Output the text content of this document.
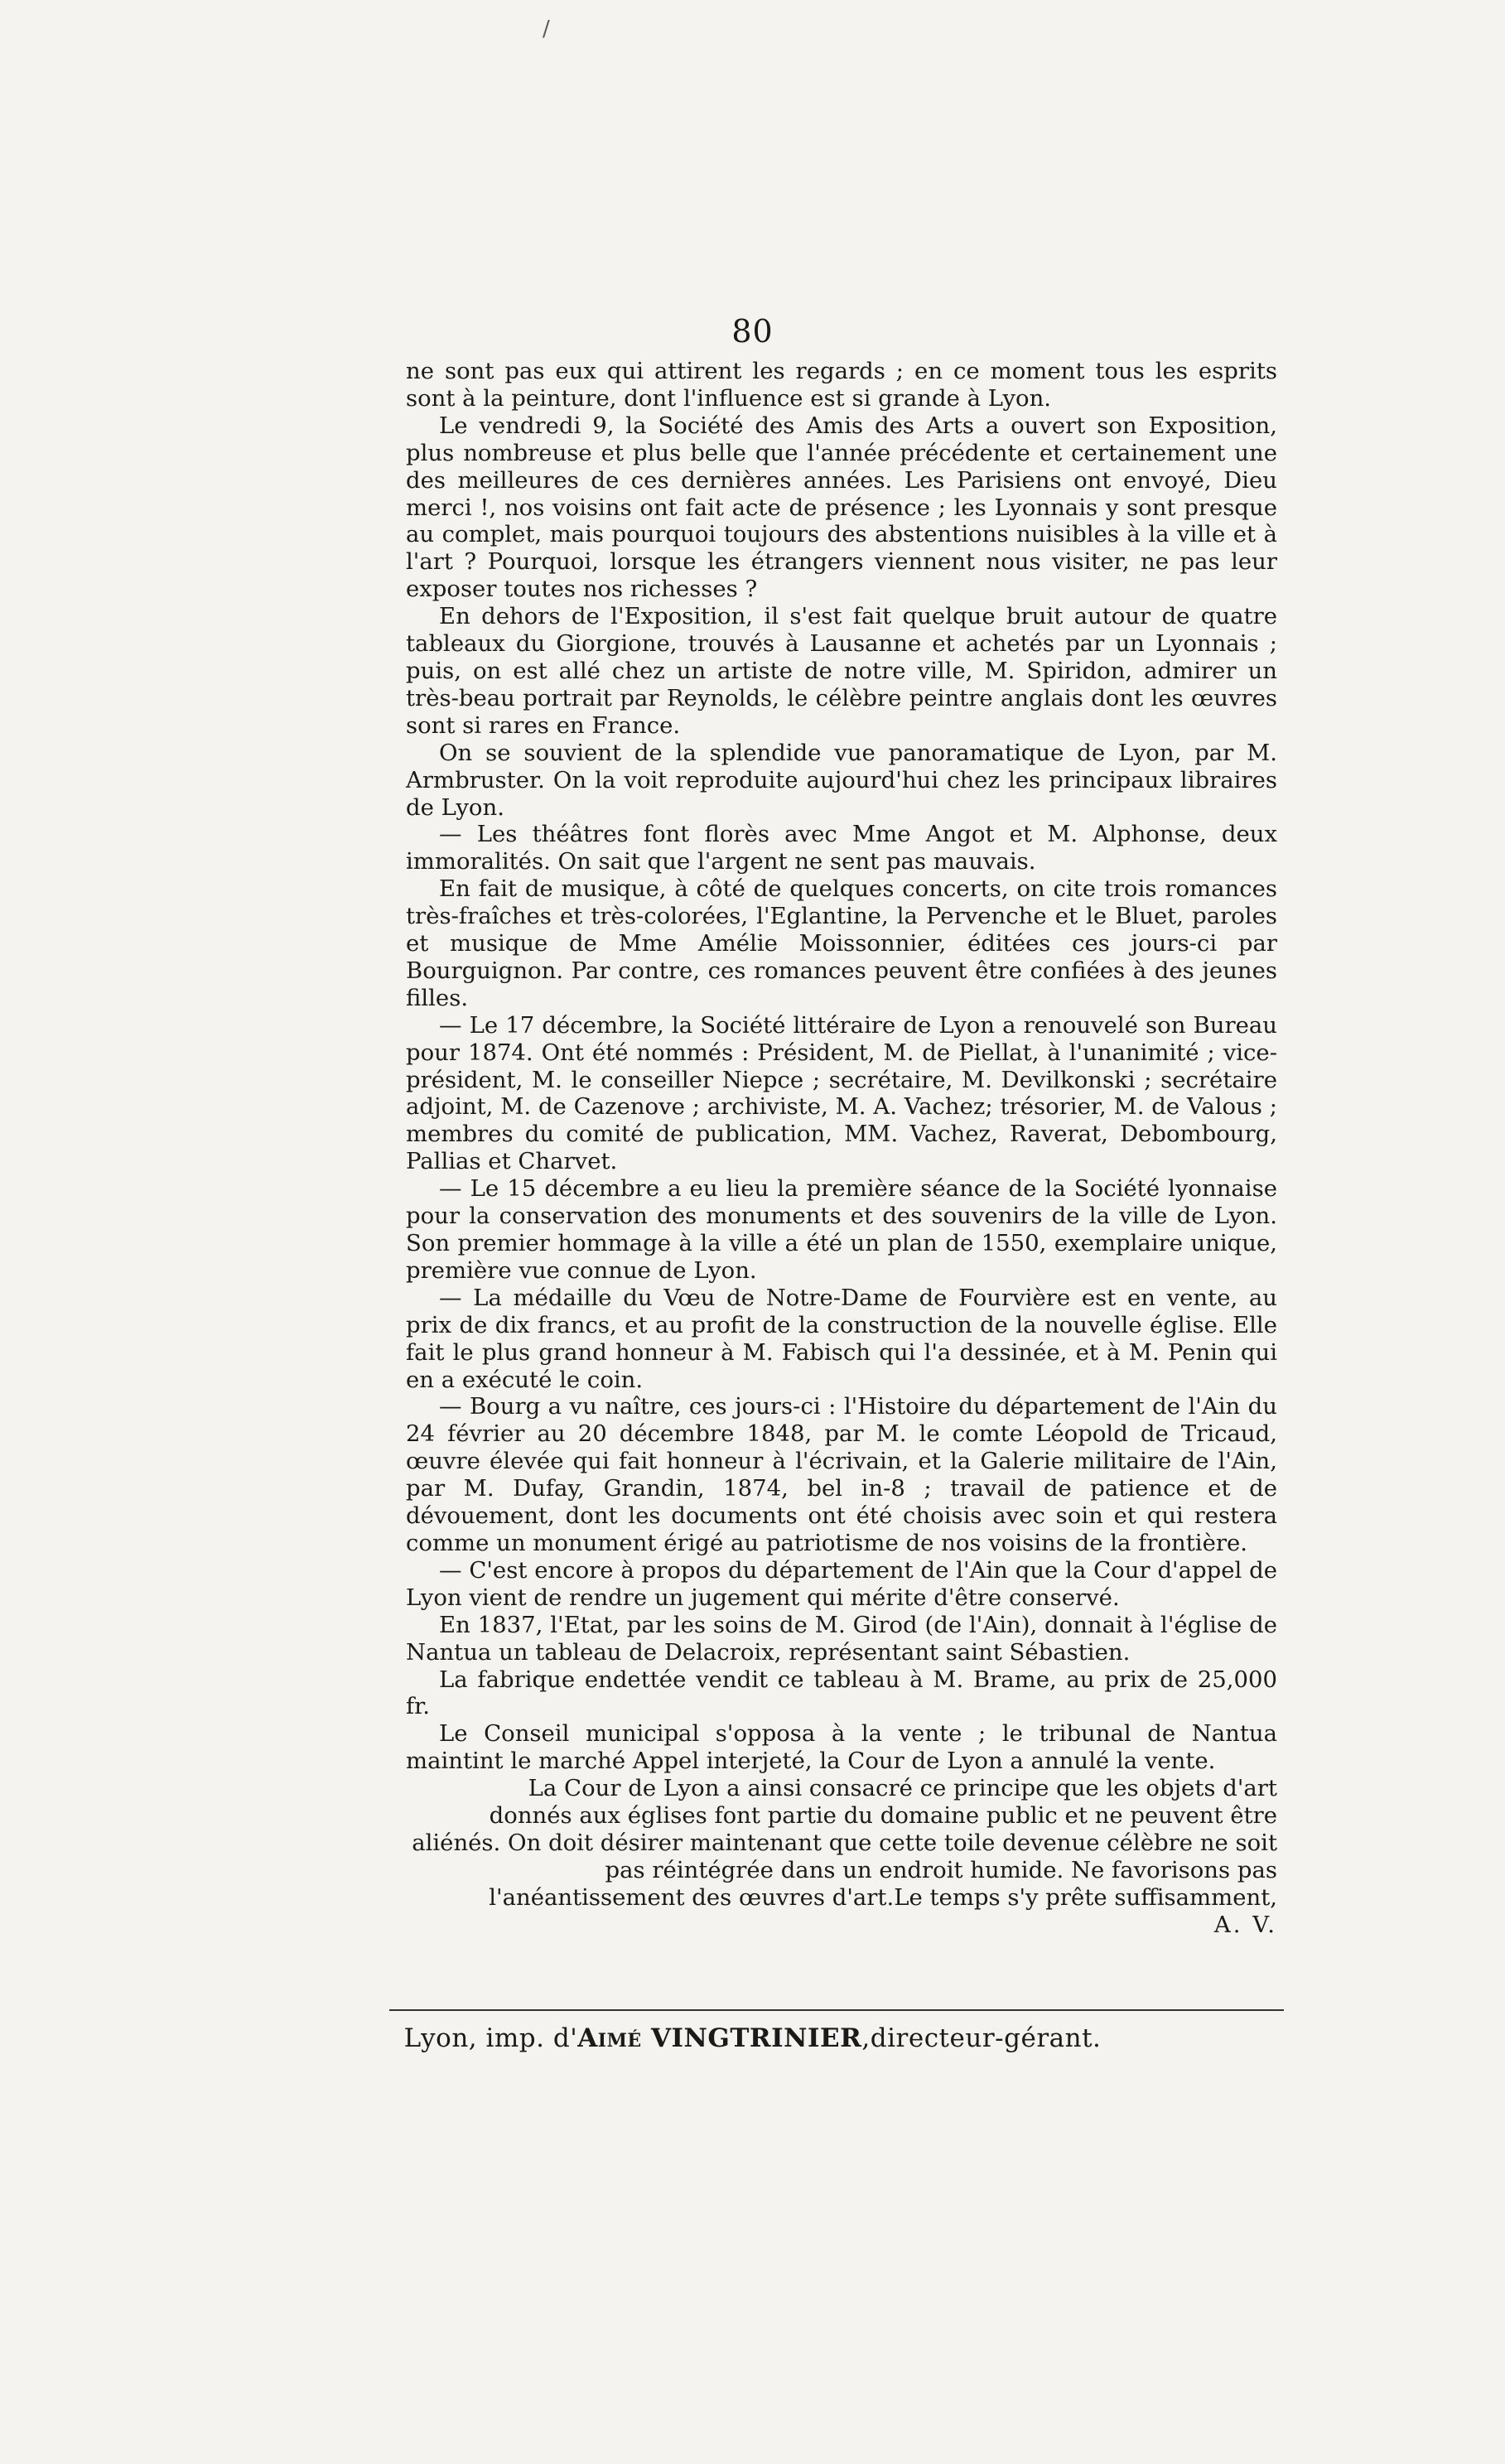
80

ne sont pas eux qui attirent les regards ; en ce moment tous les esprits sont à la peinture, dont l'influence est si grande à Lyon.

Le vendredi 9, la Société des Amis des Arts a ouvert son Exposition, plus nombreuse et plus belle que l'année précédente et certainement une des meilleures de ces dernières années. Les Parisiens ont envoyé, Dieu merci !, nos voisins ont fait acte de présence ; les Lyonnais y sont presque au complet, mais pourquoi toujours des abstentions nuisibles à la ville et à l'art ? Pourquoi, lorsque les étrangers viennent nous visiter, ne pas leur exposer toutes nos richesses ?

En dehors de l'Exposition, il s'est fait quelque bruit autour de quatre tableaux du Giorgione, trouvés à Lausanne et achetés par un Lyonnais ; puis, on est allé chez un artiste de notre ville, M. Spiridon, admirer un très-beau portrait par Reynolds, le célèbre peintre anglais dont les œuvres sont si rares en France.

On se souvient de la splendide vue panoramatique de Lyon, par M. Armbruster. On la voit reproduite aujourd'hui chez les principaux libraires de Lyon.

— Les théâtres font florès avec Mme Angot et M. Alphonse, deux immoralités. On sait que l'argent ne sent pas mauvais.

En fait de musique, à côté de quelques concerts, on cite trois romances très-fraîches et très-colorées, l'Eglantine, la Pervenche et le Bluet, paroles et musique de Mme Amélie Moissonnier, éditées ces jours-ci par Bourguignon. Par contre, ces romances peuvent être confiées à des jeunes filles.

— Le 17 décembre, la Société littéraire de Lyon a renouvelé son Bureau pour 1874. Ont été nommés : Président, M. de Piellat, à l'unanimité ; vice-président, M. le conseiller Niepce ; secrétaire, M. Devilkonski ; secrétaire adjoint, M. de Cazenove ; archiviste, M. A. Vachez; trésorier, M. de Valous ; membres du comité de publication, MM. Vachez, Raverat, Debombourg, Pallias et Charvet.

— Le 15 décembre a eu lieu la première séance de la Société lyonnaise pour la conservation des monuments et des souvenirs de la ville de Lyon. Son premier hommage à la ville a été un plan de 1550, exemplaire unique, première vue connue de Lyon.

— La médaille du Vœu de Notre-Dame de Fourvière est en vente, au prix de dix francs, et au profit de la construction de la nouvelle église. Elle fait le plus grand honneur à M. Fabisch qui l'a dessinée, et à M. Penin qui en a exécuté le coin.

— Bourg a vu naître, ces jours-ci : l'Histoire du département de l'Ain du 24 février au 20 décembre 1848, par M. le comte Léopold de Tricaud, œuvre élevée qui fait honneur à l'écrivain, et la Galerie militaire de l'Ain, par M. Dufay, Grandin, 1874, bel in-8 ; travail de patience et de dévouement, dont les documents ont été choisis avec soin et qui restera comme un monument érigé au patriotisme de nos voisins de la frontière.

— C'est encore à propos du département de l'Ain que la Cour d'appel de Lyon vient de rendre un jugement qui mérite d'être conservé.

En 1837, l'Etat, par les soins de M. Girod (de l'Ain), donnait à l'église de Nantua un tableau de Delacroix, représentant saint Sébastien.

La fabrique endettée vendit ce tableau à M. Brame, au prix de 25,000 fr.

Le Conseil municipal s'opposa à la vente ; le tribunal de Nantua maintint le marché Appel interjeté, la Cour de Lyon a annulé la vente.

La Cour de Lyon a ainsi consacré ce principe que les objets d'art donnés aux églises font partie du domaine public et ne peuvent être aliénés. On doit désirer maintenant que cette toile devenue célèbre ne soit pas réintégrée dans un endroit humide. Ne favorisons pas l'anéantissement des œuvres d'art.Le temps s'y prête suffisamment,
A. V.

Lyon, imp. d'Aimé VINGTRINIER,directeur-gérant.
/
